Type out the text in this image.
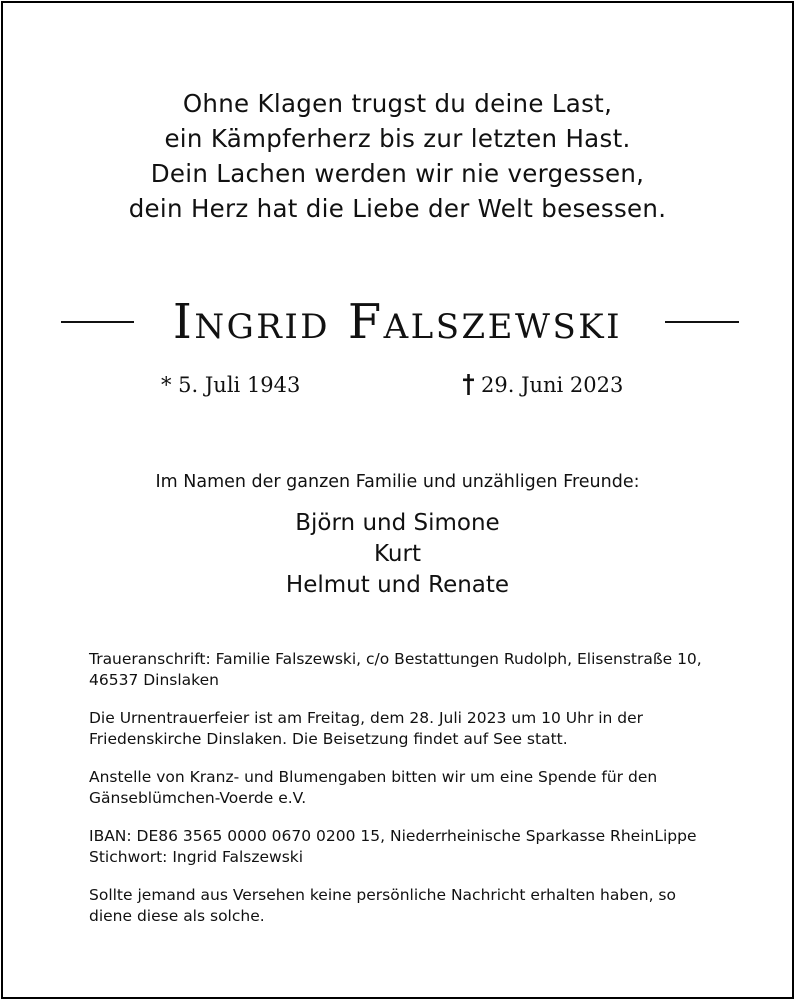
Ohne Klagen trugst du deine Last,
ein Kämpferherz bis zur letzten Hast.
Dein Lachen werden wir nie vergessen,
dein Herz hat die Liebe der Welt besessen.
Ingrid Falszewski
* 5. Juli 1943	29. Juni 2023
Im Namen der ganzen Familie und unzähligen Freunde:
Björn und Simone
Kurt
Helmut und Renate

Traueranschrift: Familie Falszewski, c/o Bestattungen Rudolph, Elisenstraße 10,
46537 Dinslaken

Die Urnentrauerfeier ist am Freitag, dem 28. Juli 2023 um 10 Uhr in der
Friedenskirche Dinslaken. Die Beisetzung findet auf See statt.

Anstelle von Kranz- und Blumengaben bitten wir um eine Spende für den
Gänseblümchen-Voerde e.V.

IBAN: DE86 3565 0000 0670 0200 15, Niederrheinische Sparkasse RheinLippe
Stichwort: Ingrid Falszewski

Sollte jemand aus Versehen keine persönliche Nachricht erhalten haben, so
diene diese als solche.
